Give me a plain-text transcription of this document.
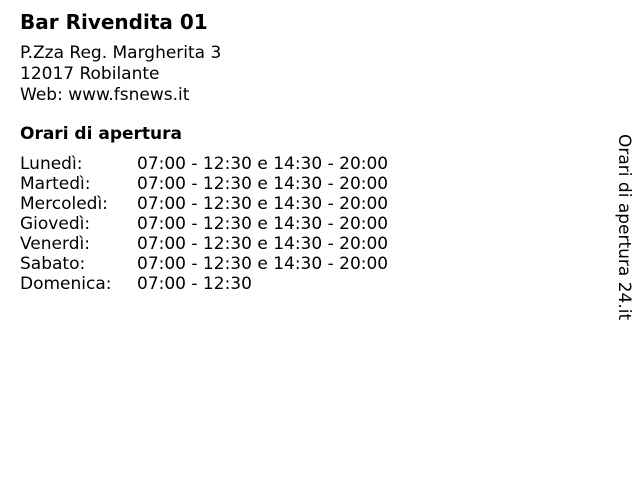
Bar Rivendita 01
P.Zza Reg. Margherita 3
12017 Robilante
Web: www.fsnews.it
Orari di apertura
Lunedì:	07:00 - 12:30 e 14:30 - 20:00
Martedì:	07:00 - 12:30 e 14:30 - 20:00
Mercoledì:	07:00 - 12:30 e 14:30 - 20:00
Giovedì:	07:00 - 12:30 e 14:30 - 20:00
Venerdì:	07:00 - 12:30 e 14:30 - 20:00
Sabato:	07:00 - 12:30 e 14:30 - 20:00
Domenica:	07:00 - 12:30	Orari di apertura 24.it
